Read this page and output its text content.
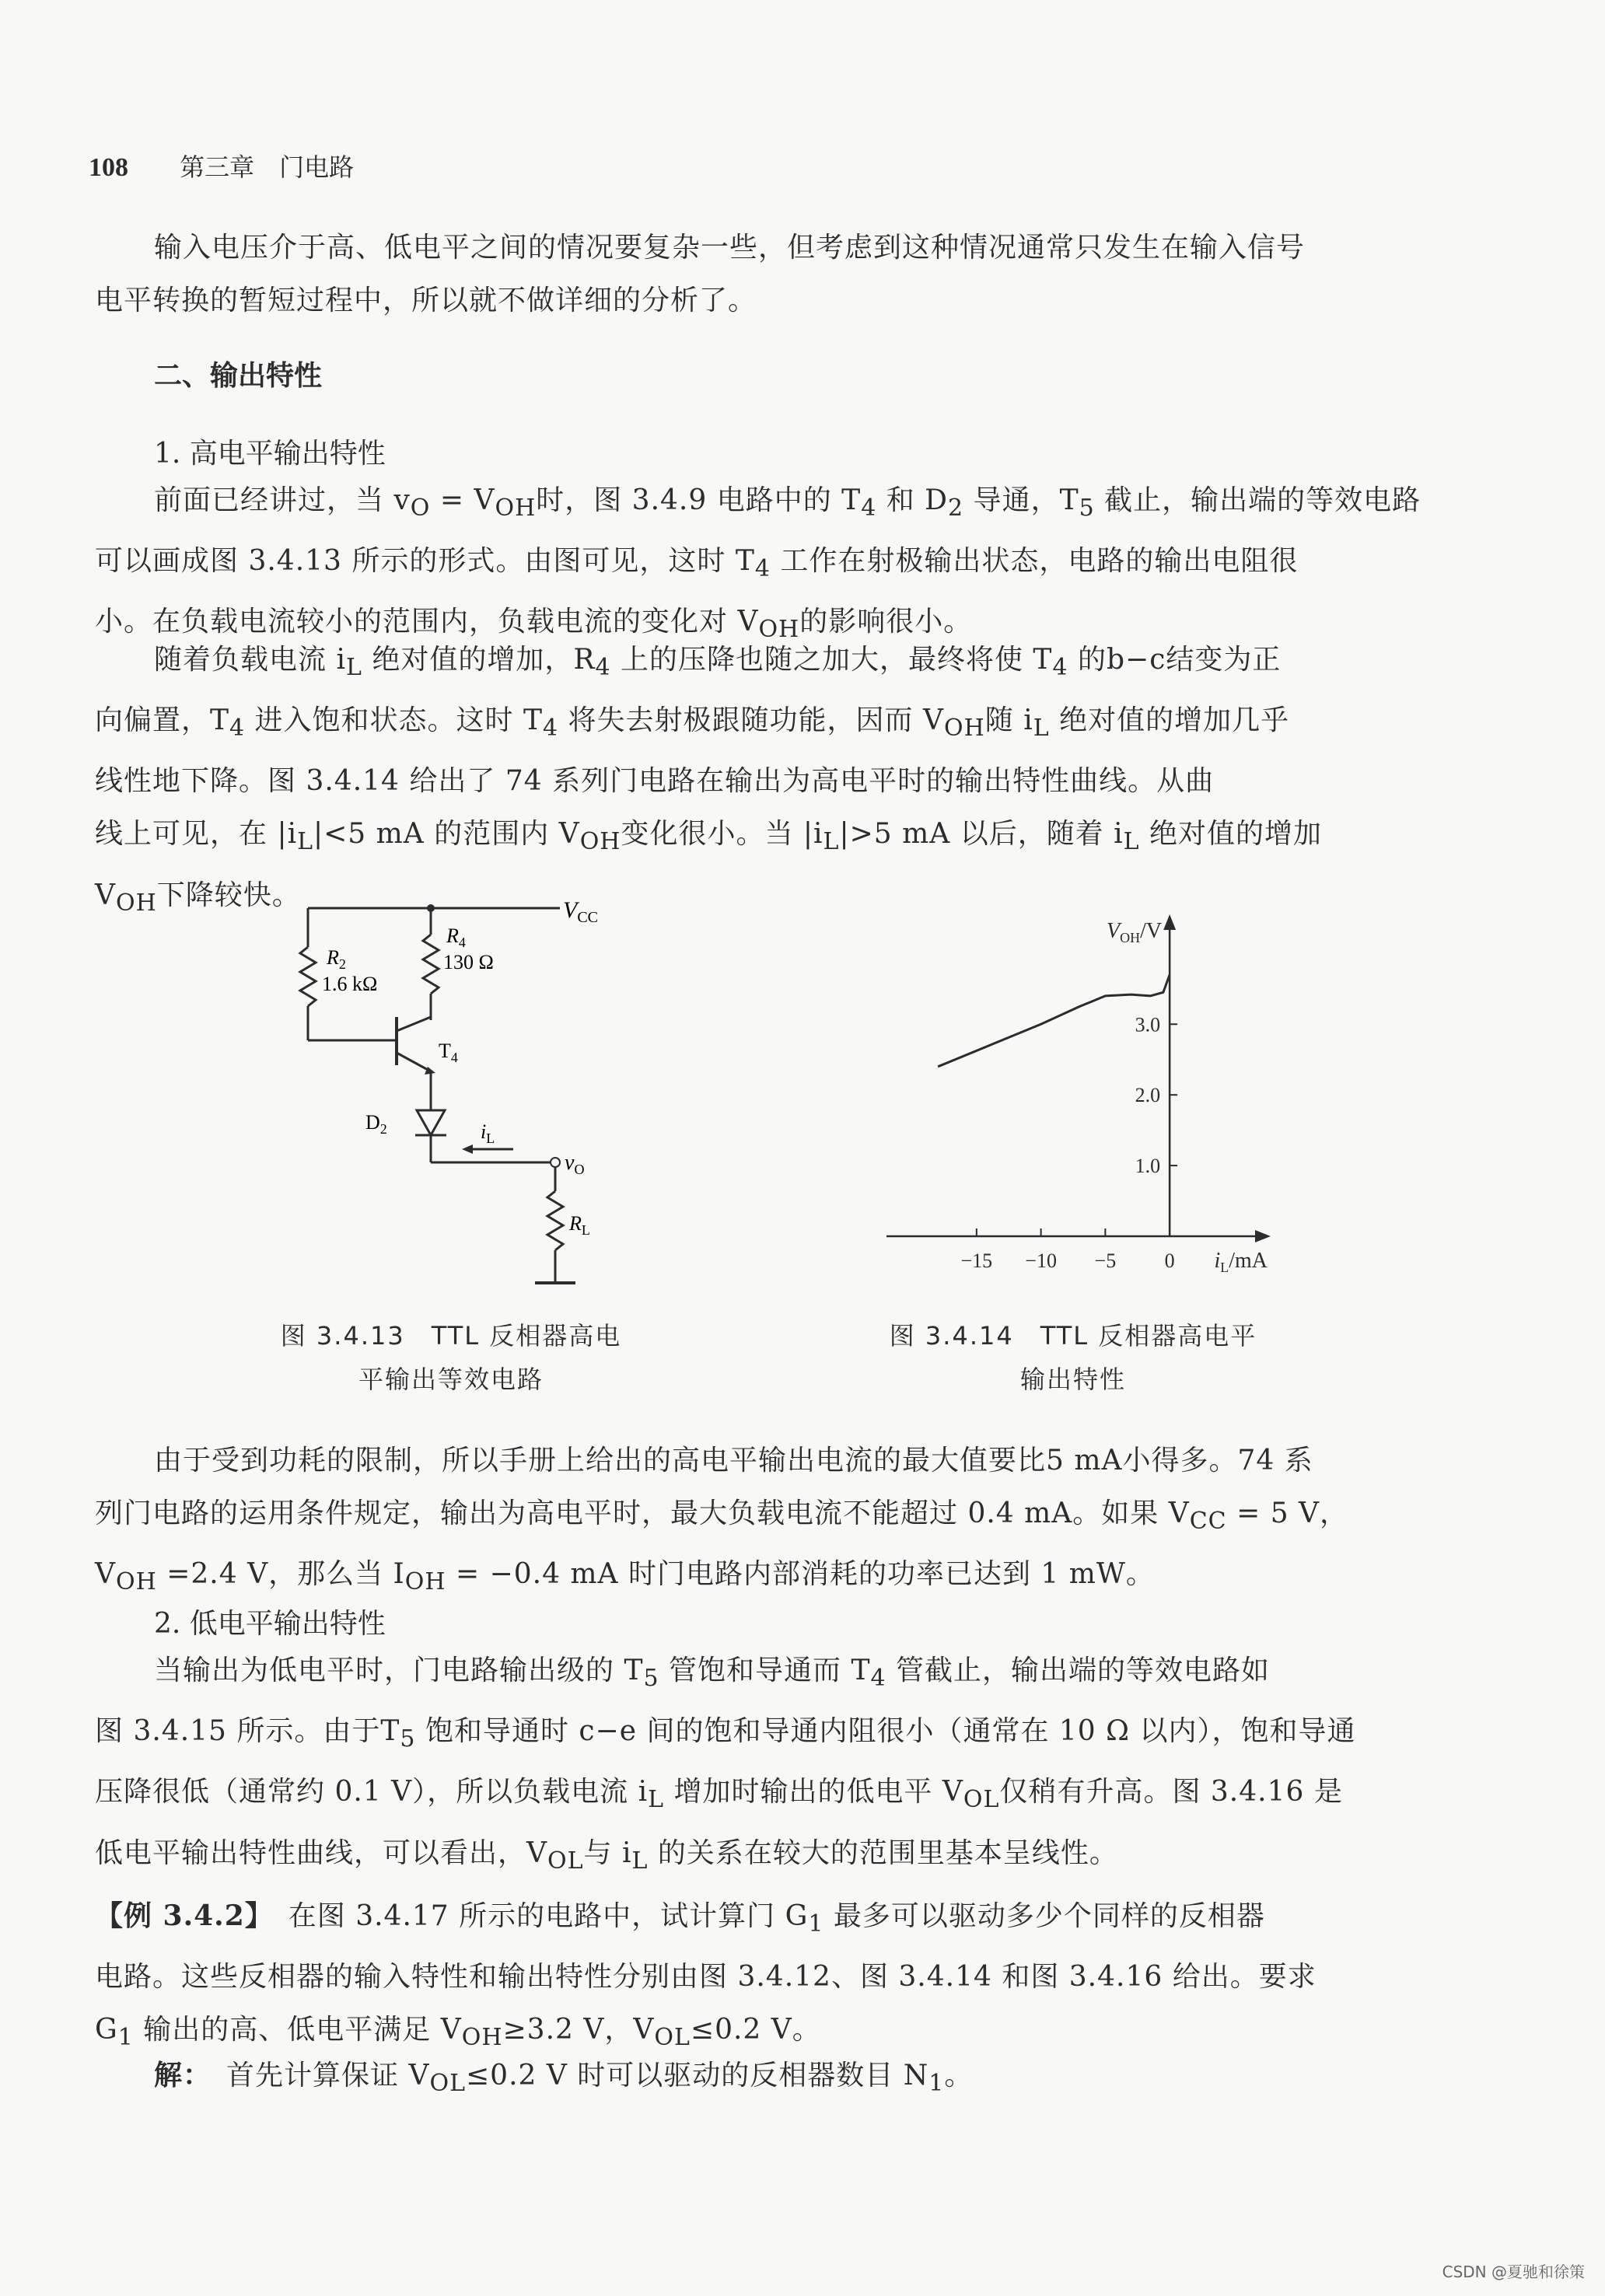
108 第三章　门电路
输入电压介于高、低电平之间的情况要复杂一些，但考虑到这种情况通常只发生在输入信号
电平转换的暂短过程中，所以就不做详细的分析了。
二、输出特性
1. 高电平输出特性
前面已经讲过，当 $v_O = V_{OH}$时，图 3.4.9 电路中的 $T_4$ 和 $D_2$ 导通，$T_5$ 截止，输出端的等效电路
可以画成图 3.4.13 所示的形式。由图可见，这时 $T_4$ 工作在射极输出状态，电路的输出电阻很
小。在负载电流较小的范围内，负载电流的变化对 $V_{OH}$的影响很小。
随着负载电流 $i_L$ 绝对值的增加，$R_4$ 上的压降也随之加大，最终将使 $T_4$ 的b−c结变为正
向偏置，$T_4$ 进入饱和状态。这时 $T_4$ 将失去射极跟随功能，因而 $V_{OH}$随 $i_L$ 绝对值的增加几乎
线性地下降。图 3.4.14 给出了 74 系列门电路在输出为高电平时的输出特性曲线。从曲
线上可见，在 $|i_L|<5$ mA 的范围内 $V_{OH}$变化很小。当 $|i_L|>5$ mA 以后，随着 $i_L$ 绝对值的增加
$V_{OH}$下降较快。	$V_{CC}$
$R_2$
1.6 kΩ
$R_4$
130 Ω
$T_4$
$D_2$	$i_L$
$v_O$
$R_L$
图 3.4.13　TTL 反相器高电
平输出等效电路
−15 −10 −5 0
1.0
2.0
3.0
$V_{OH}/V$
$i_L/mA$
图 3.4.14　TTL 反相器高电平
输出特性
由于受到功耗的限制，所以手册上给出的高电平输出电流的最大值要比5 mA小得多。74 系
列门电路的运用条件规定，输出为高电平时，最大负载电流不能超过 0.4 mA。如果 $V_{CC} = 5$ V，
$V_{OH} =2.4$ V，那么当 $I_{OH} = -0.4$ mA 时门电路内部消耗的功率已达到 1 mW。
2. 低电平输出特性
当输出为低电平时，门电路输出级的 $T_5$ 管饱和导通而 $T_4$ 管截止，输出端的等效电路如
图 3.4.15 所示。由于$T_5$ 饱和导通时 c−e 间的饱和导通内阻很小（通常在 10 Ω 以内），饱和导通
压降很低（通常约 0.1 V），所以负载电流 $i_L$ 增加时输出的低电平 $V_{OL}$仅稍有升高。图 3.4.16 是
低电平输出特性曲线，可以看出，$V_{OL}$与 $i_L$ 的关系在较大的范围里基本呈线性。
【例 3.4.2】　在图 3.4.17 所示的电路中，试计算门 $G_1$ 最多可以驱动多少个同样的反相器
电路。这些反相器的输入特性和输出特性分别由图 3.4.12、图 3.4.14 和图 3.4.16 给出。要求
$G_1$ 输出的高、低电平满足 $V_{OH}\ge 3.2$ V，$V_{OL}\le 0.2$ V。
解：　首先计算保证 $V_{OL}\le 0.2$ V 时可以驱动的反相器数目 $N_1$。
CSDN @夏驰和徐策
